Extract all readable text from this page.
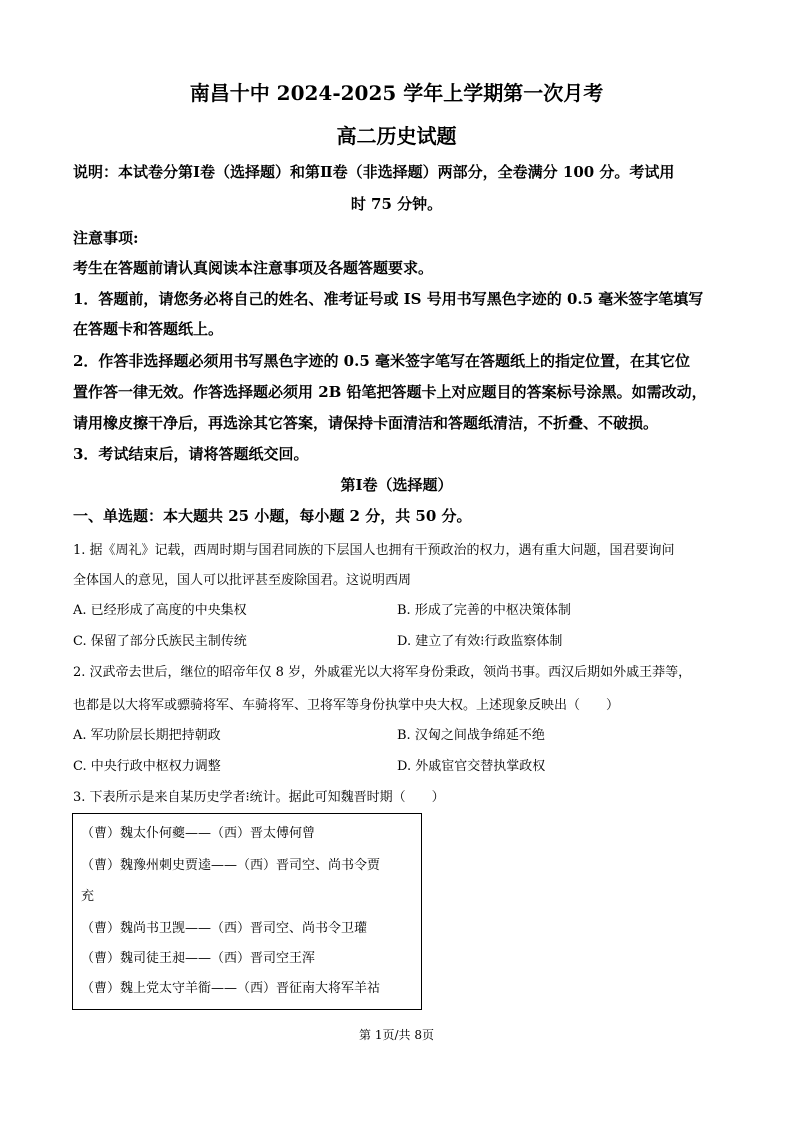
南昌十中 2024-2025 学年上学期第一次月考
高二历史试题
说明：本试卷分第Ⅰ卷（选择题）和第Ⅱ卷（非选择题）两部分，全卷满分 100 分。考试用
时 75 分钟。
注意事项:
考生在答题前请认真阅读本注意事项及各题答题要求。
1．答题前，请您务必将自己的姓名、准考证号或 IS 号用书写黑色字迹的 0.5 毫米签字笔填写
在答题卡和答题纸上。
2．作答非选择题必须用书写黑色字迹的 0.5 毫米签字笔写在答题纸上的指定位置，在其它位
置作答一律无效。作答选择题必须用 2B 铅笔把答题卡上对应题目的答案标号涂黑。如需改动，
请用橡皮擦干净后，再选涂其它答案，请保持卡面清洁和答题纸清洁，不折叠、不破损。
3．考试结束后，请将答题纸交回。
第Ⅰ卷（选择题）
一、单选题：本大题共 25 小题，每小题 2 分，共 50 分。
1. 据《周礼》记载，西周时期与国君同族的下层国人也拥有干预政治的权力，遇有重大问题，国君要询问
全体国人的意见，国人可以批评甚至废除国君。这说明西周
A. 已经形成了高度的中央集权	B. 形成了完善的中枢决策体制
C. 保留了部分氏族民主制传统	D. 建立了有效⁝行政监察体制
2. 汉武帝去世后，继位的昭帝年仅 8 岁，外戚霍光以大将军身份秉政，领尚书事。西汉后期如外戚王莽等，
也都是以大将军或骠骑将军、车骑将军、卫将军等身份执掌中央大权。上述现象反映出（　　）
A. 军功阶层长期把持朝政	B. 汉匈之间战争绵延不绝
C. 中央行政中枢权力调整	D. 外戚宦官交替执掌政权
3. 下表所示是来自某历史学者⁝统计。据此可知魏晋时期（　　）
（曹）魏太仆何夔——（西）晋太傅何曾
（曹）魏豫州刺史贾逵——（西）晋司空、尚书令贾
充
（曹）魏尚书卫觊——（西）晋司空、尚书令卫瓘
（曹）魏司徒王昶——（西）晋司空王浑
（曹）魏上党太守羊衜——（西）晋征南大将军羊祜
第 1页/共 8页
